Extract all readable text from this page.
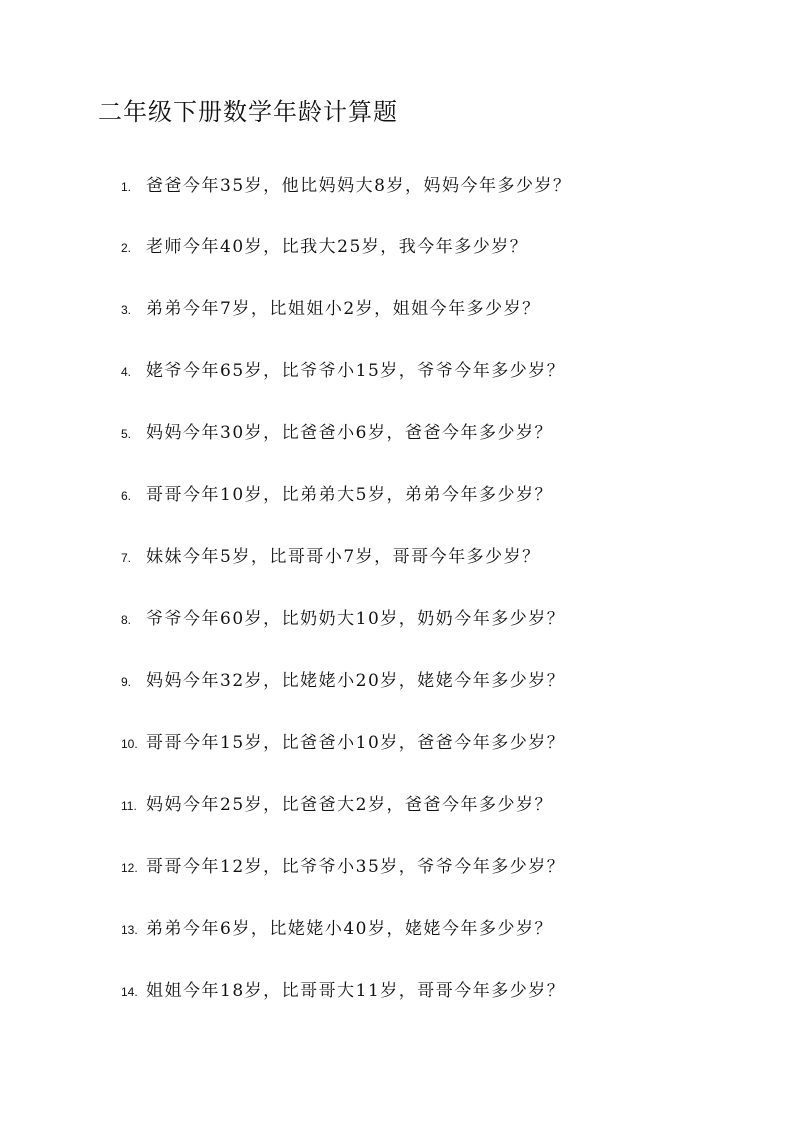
二年级下册数学年龄计算题
1. 爸爸今年35岁，他比妈妈大8岁，妈妈今年多少岁？
2. 老师今年40岁，比我大25岁，我今年多少岁？
3. 弟弟今年7岁，比姐姐小2岁，姐姐今年多少岁？
4. 姥爷今年65岁，比爷爷小15岁，爷爷今年多少岁？
5. 妈妈今年30岁，比爸爸小6岁，爸爸今年多少岁？
6. 哥哥今年10岁，比弟弟大5岁，弟弟今年多少岁？
7. 妹妹今年5岁，比哥哥小7岁，哥哥今年多少岁？
8. 爷爷今年60岁，比奶奶大10岁，奶奶今年多少岁？
9. 妈妈今年32岁，比姥姥小20岁，姥姥今年多少岁？
10. 哥哥今年15岁，比爸爸小10岁，爸爸今年多少岁？
11. 妈妈今年25岁，比爸爸大2岁，爸爸今年多少岁？
12. 哥哥今年12岁，比爷爷小35岁，爷爷今年多少岁？
13. 弟弟今年6岁，比姥姥小40岁，姥姥今年多少岁？
14. 姐姐今年18岁，比哥哥大11岁，哥哥今年多少岁？
